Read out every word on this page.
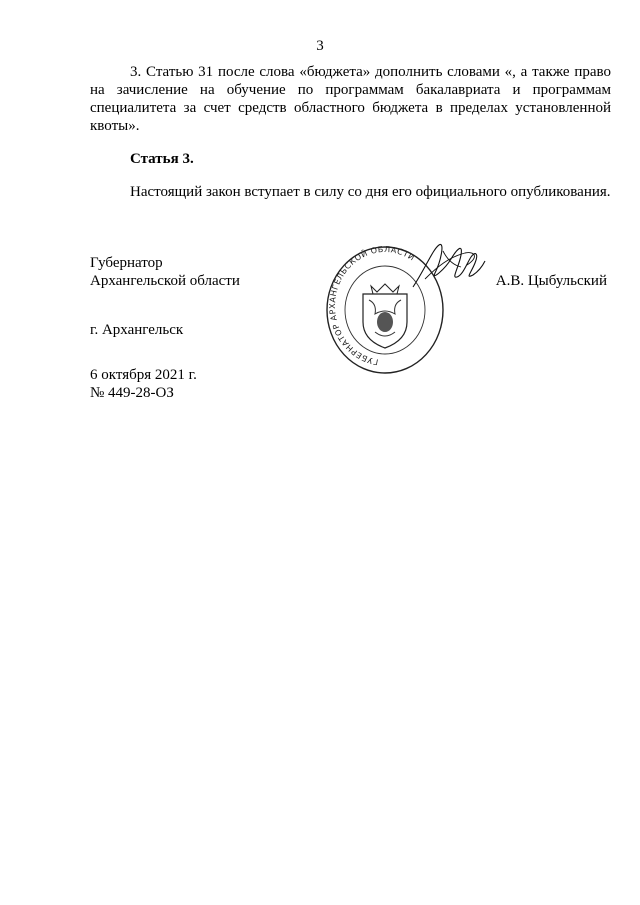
3
3. Статью 31 после слова «бюджета» дополнить словами «, а также право на зачисление на обучение по программам бакалавриата и программам специалитета за счет средств областного бюджета в пределах установленной квоты».
Статья 3.
Настоящий закон вступает в силу со дня его официального опубликования.
Губернатор
Архангельской области	А.В. Цыбульский
ГУБЕРНАТОР АРХАНГЕЛЬСКОЙ ОБЛАСТИ
г. Архангельск
6 октября 2021 г.
№ 449-28-ОЗ
